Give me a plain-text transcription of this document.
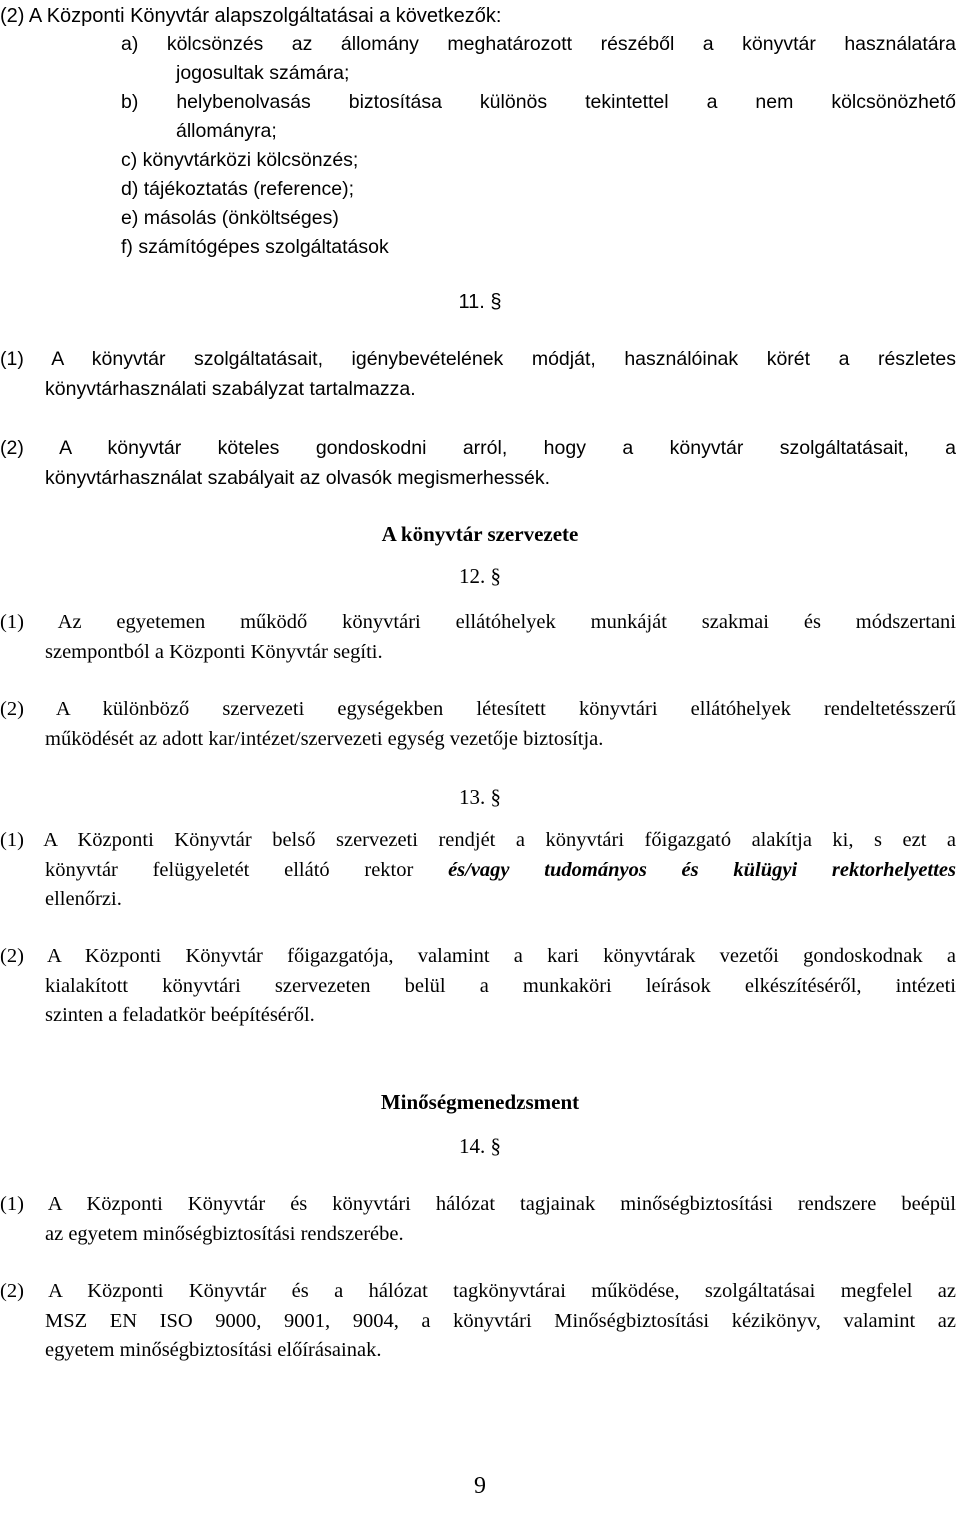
(2) A Központi Könyvtár alapszolgáltatásai a következők:
a) kölcsönzés az állomány meghatározott részéből a könyvtár használatára
jogosultak számára;
b) helybenolvasás biztosítása különös tekintettel a nem kölcsönözhető
állományra;
c) könyvtárközi kölcsönzés;
d) tájékoztatás (reference);
e) másolás (önköltséges)
f) számítógépes szolgáltatások
11. §
(1) A könyvtár szolgáltatásait, igénybevételének módját, használóinak körét a részletes
könyvtárhasználati szabályzat tartalmazza.
(2) A könyvtár köteles gondoskodni arról, hogy a könyvtár szolgáltatásait, a
könyvtárhasználat szabályait az olvasók megismerhessék.
A könyvtár szervezete
12. §
(1) Az egyetemen működő könyvtári ellátóhelyek munkáját szakmai és módszertani
szempontból a Központi Könyvtár segíti.
(2) A különböző szervezeti egységekben létesített könyvtári ellátóhelyek rendeltetésszerű
működését az adott kar/intézet/szervezeti egység vezetője biztosítja.
13. §
(1) A Központi Könyvtár belső szervezeti rendjét a könyvtári főigazgató alakítja ki, s ezt a
könyvtár felügyeletét ellátó rektor és/vagy tudományos és külügyi rektorhelyettes
ellenőrzi.
(2) A Központi Könyvtár főigazgatója, valamint a kari könyvtárak vezetői gondoskodnak a
kialakított könyvtári szervezeten belül a munkaköri leírások elkészítéséről, intézeti
szinten a feladatkör beépítéséről.
Minőségmenedzsment
14. §
(1) A Központi Könyvtár és könyvtári hálózat tagjainak minőségbiztosítási rendszere beépül
az egyetem minőségbiztosítási rendszerébe.
(2) A Központi Könyvtár és a hálózat tagkönyvtárai működése, szolgáltatásai megfelel az
MSZ EN ISO 9000, 9001, 9004, a könyvtári Minőségbiztosítási kézikönyv, valamint az
egyetem minőségbiztosítási előírásainak.
9
